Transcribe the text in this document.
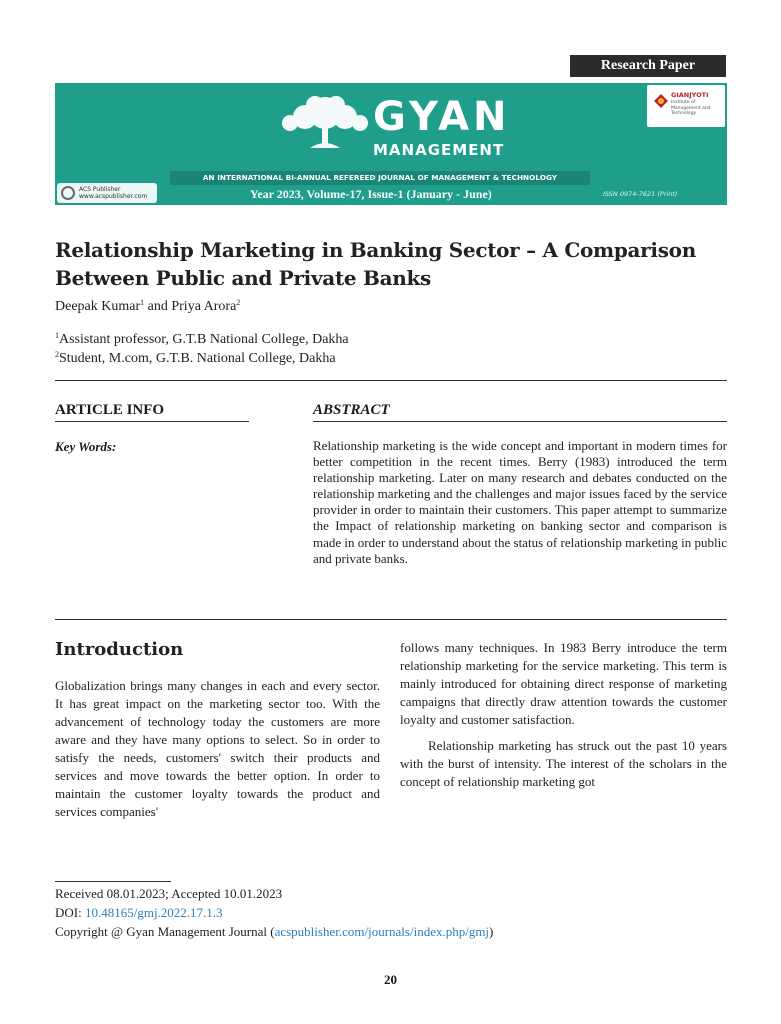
Research Paper
GYAN
MANAGEMENT
AN INTERNATIONAL BI-ANNUAL REFEREED JOURNAL OF MANAGEMENT & TECHNOLOGY
Year 2023, Volume-17, Issue-1 (January - June)	ISSN 0974-7621 (Print)
ACS Publisher
www.acspublisher.com
GIANJYOTI
Institute of Management and Technology
Relationship Marketing in Banking Sector – A Comparison Between Public and Private Banks
Deepak Kumar$^1$ and Priya Arora$^2$
$^1$Assistant professor, G.T.B National College, Dakha
$^2$Student, M.com, G.T.B. National College, Dakha
ARTICLE INFO	ABSTRACT
Key Words:	Relationship marketing is the wide concept and important in modern times for better competition in the recent times. Berry (1983) introduced the term relationship marketing. Later on many research and debates conducted on the relationship marketing and the challenges and major issues faced by the service provider in order to maintain their customers. This paper attempt to summarize the Impact of relationship marketing on banking sector and comparison is made in order to understand about the status of relationship marketing in public and private banks.
Introduction

Globalization brings many changes in each and every sector. It has great impact on the marketing sector too. With the advancement of technology today the customers are more aware and they have many options to select. So in order to satisfy the needs, customers' switch their products and services and move towards the better option. In order to maintain the customer loyalty towards the product and services companies'

follows many techniques. In 1983 Berry introduce the term relationship marketing for the service marketing. This term is mainly introduced for obtaining direct response of marketing campaigns that directly draw attention towards the customer loyalty and customer satisfaction.

Relationship marketing has struck out the past 10 years with the burst of intensity. The interest of the scholars in the concept of relationship marketing got

Received 08.01.2023; Accepted 10.01.2023
DOI: 10.48165/gmj.2022.17.1.3
Copyright @ Gyan Management Journal (acspublisher.com/journals/index.php/gmj)
20
